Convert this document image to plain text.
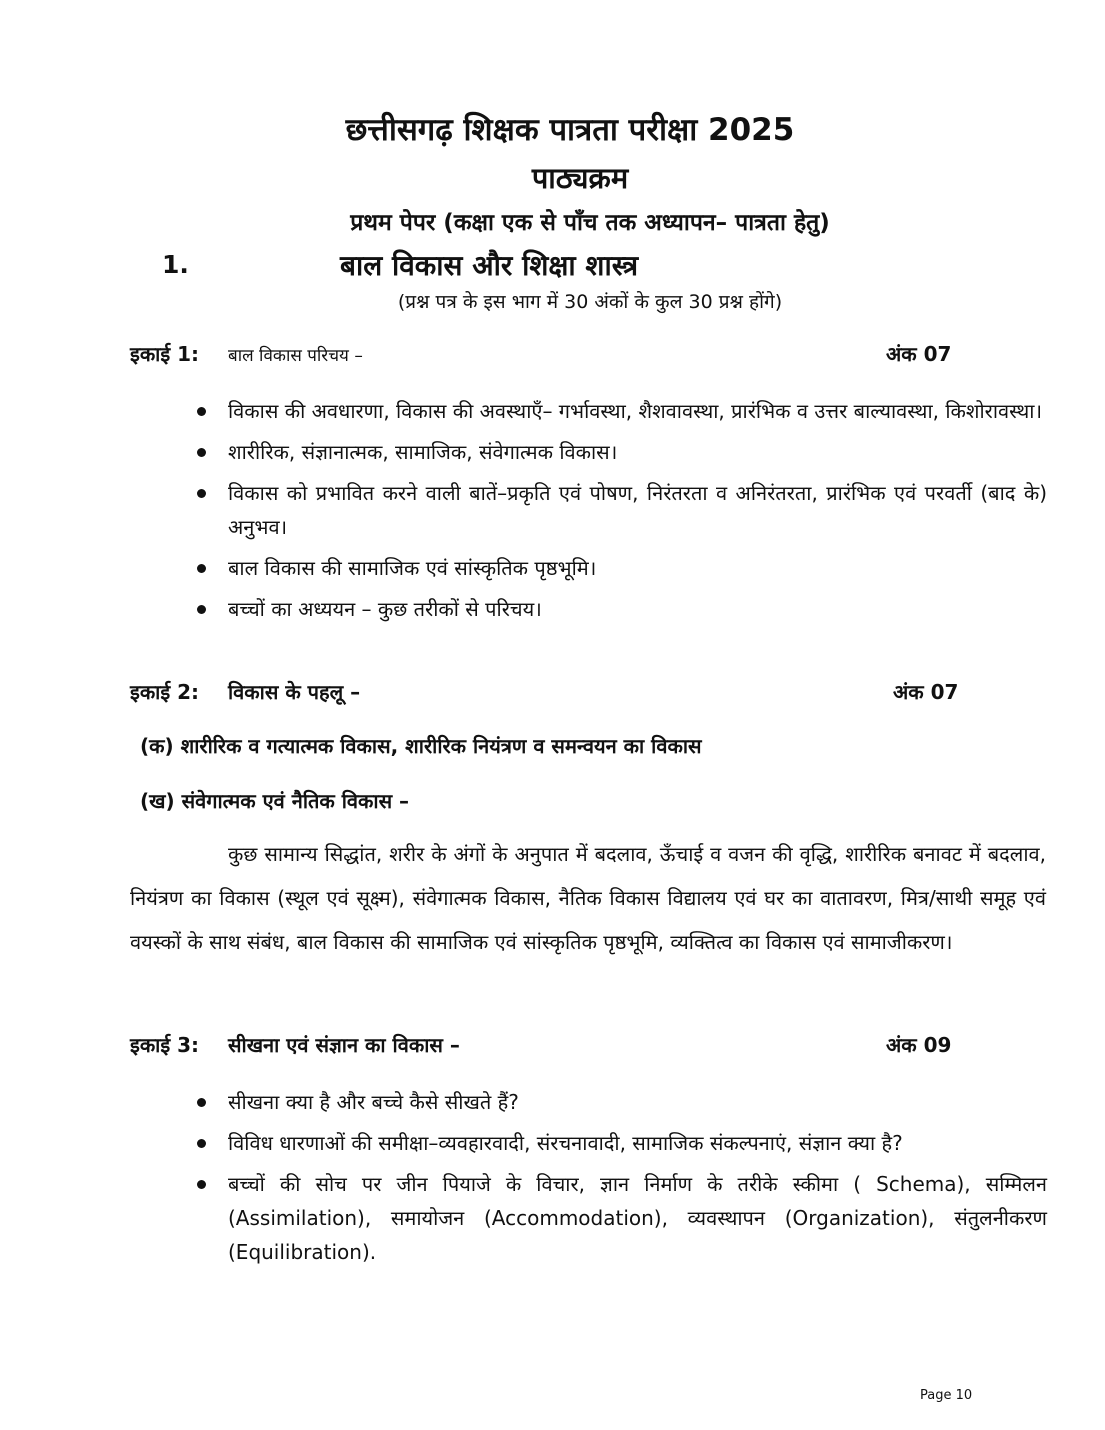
छत्तीसगढ़ शिक्षक पात्रता परीक्षा 2025
पाठ्यक्रम
प्रथम पेपर (कक्षा एक से पाँच तक अध्यापन– पात्रता हेतु)
1.	बाल विकास और शिक्षा शास्त्र
(प्रश्न पत्र के इस भाग में 30 अंकों के कुल 30 प्रश्न होंगे)
इकाई 1: बाल विकास परिचय –	अंक 07
विकास की अवधारणा, विकास की अवस्थाएँ– गर्भावस्था, शैशवावस्था, प्रारंभिक व उत्तर बाल्यावस्था, किशोरावस्था।
शारीरिक, संज्ञानात्मक, सामाजिक, संवेगात्मक विकास।
विकास को प्रभावित करने वाली बातें–प्रकृति एवं पोषण, निरंतरता व अनिरंतरता, प्रारंभिक एवं परवर्ती (बाद के) अनुभव।
बाल विकास की सामाजिक एवं सांस्कृतिक पृष्ठभूमि।
बच्चों का अध्ययन – कुछ तरीकों से परिचय।
इकाई 2: विकास के पहलू –	अंक 07
(क) शारीरिक व गत्यात्मक विकास, शारीरिक नियंत्रण व समन्वयन का विकास
(ख) संवेगात्मक एवं नैतिक विकास –

कुछ सामान्य सिद्धांत, शरीर के अंगों के अनुपात में बदलाव, ऊँचाई व वजन की वृद्धि, शारीरिक बनावट में बदलाव, नियंत्रण का विकास (स्थूल एवं सूक्ष्म), संवेगात्मक विकास, नैतिक विकास विद्यालय एवं घर का वातावरण, मित्र/साथी समूह एवं वयस्कों के साथ संबंध, बाल विकास की सामाजिक एवं सांस्कृतिक पृष्ठभूमि, व्यक्तित्व का विकास एवं सामाजीकरण।

इकाई 3: सीखना एवं संज्ञान का विकास –	अंक 09
सीखना क्या है और बच्चे कैसे सीखते हैं?
विविध धारणाओं की समीक्षा–व्यवहारवादी, संरचनावादी, सामाजिक संकल्पनाएं, संज्ञान क्या है?
बच्चों की सोच पर जीन पियाजे के विचार, ज्ञान निर्माण के तरीके स्कीमा ( Schema), सम्मिलन (Assimilation), समायोजन (Accommodation), व्यवस्थापन (Organization), संतुलनीकरण (Equilibration).
Page 10
